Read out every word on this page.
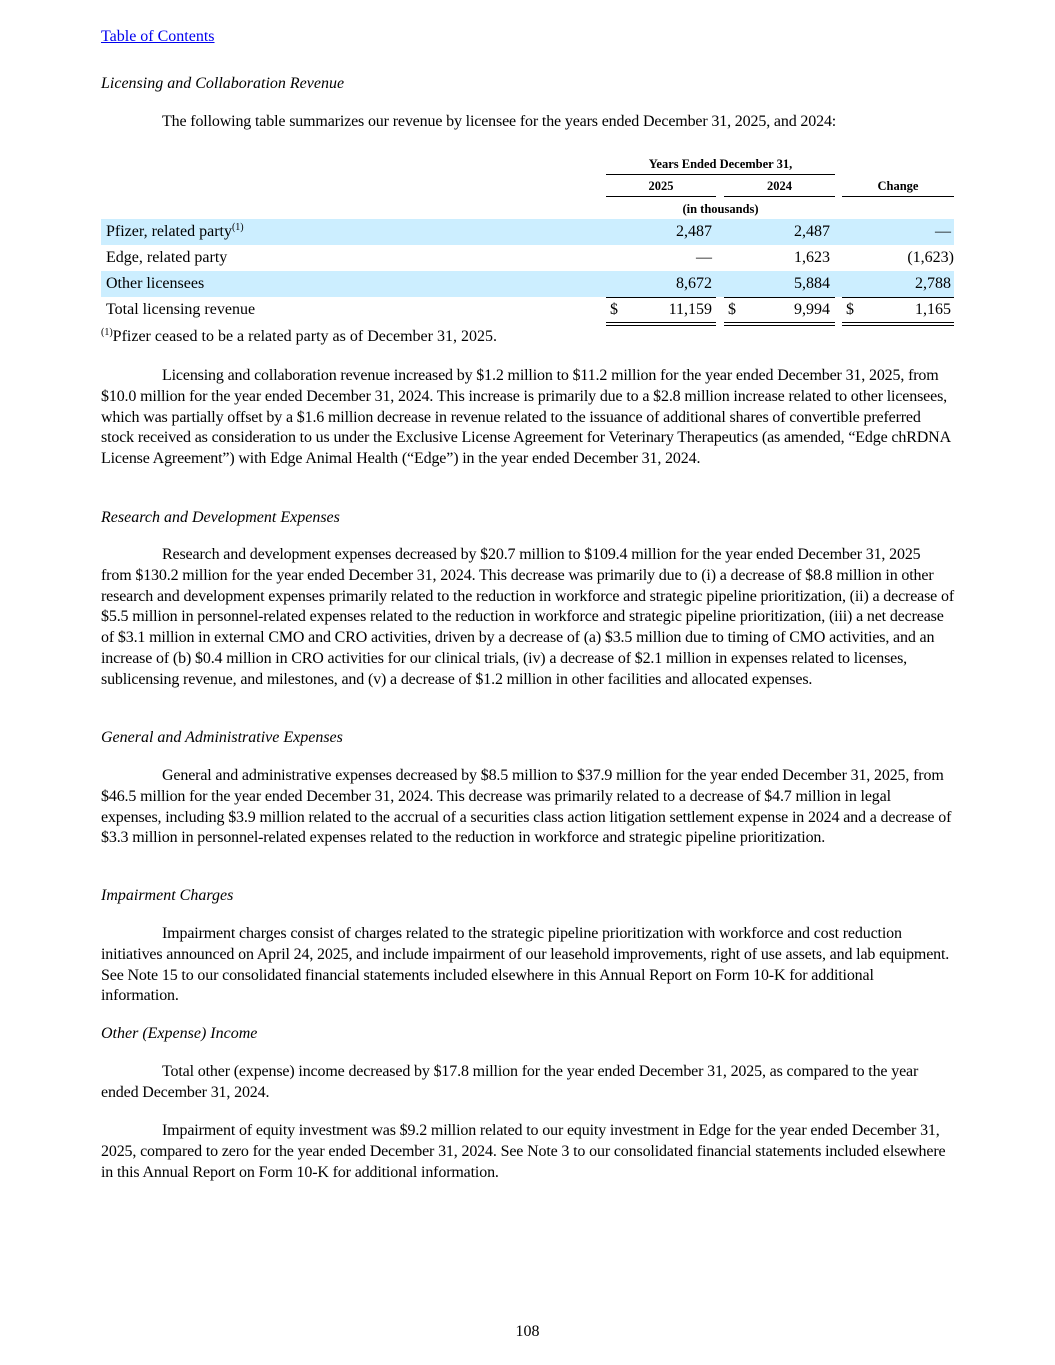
Table of Contents
Licensing and Collaboration Revenue
The following table summarizes our revenue by licensee for the years ended December 31, 2025, and 2024:
Years Ended December 31,
2025	2024	Change
(in thousands)
Pfizer, related party$^{(1)}$	2,487	2,487	—
Edge, related party	—	1,623	(1,623)
Other licensees	8,672	5,884	2,788
Total licensing revenue	$	11,159 $	9,994 $	1,165
$^{(1)}$Pfizer ceased to be a related party as of December 31, 2025.
Licensing and collaboration revenue increased by $1.2 million to $11.2 million for the year ended December 31, 2025, from $10.0 million for the year ended December 31, 2024. This increase is primarily due to a $2.8 million increase related to other licensees, which was partially offset by a $1.6 million decrease in revenue related to the issuance of additional shares of convertible preferred stock received as consideration to us under the Exclusive License Agreement for Veterinary Therapeutics (as amended, “Edge chRDNA License Agreement”) with Edge Animal Health (“Edge”) in the year ended December 31, 2024.
Research and Development Expenses
Research and development expenses decreased by $20.7 million to $109.4 million for the year ended December 31, 2025 from $130.2 million for the year ended December 31, 2024. This decrease was primarily due to (i) a decrease of $8.8 million in other research and development expenses primarily related to the reduction in workforce and strategic pipeline prioritization, (ii) a decrease of $5.5 million in personnel-related expenses related to the reduction in workforce and strategic pipeline prioritization, (iii) a net decrease of $3.1 million in external CMO and CRO activities, driven by a decrease of (a) $3.5 million due to timing of CMO activities, and an increase of (b) $0.4 million in CRO activities for our clinical trials, (iv) a decrease of $2.1 million in expenses related to licenses, sublicensing revenue, and milestones, and (v) a decrease of $1.2 million in other facilities and allocated expenses.
General and Administrative Expenses
General and administrative expenses decreased by $8.5 million to $37.9 million for the year ended December 31, 2025, from $46.5 million for the year ended December 31, 2024. This decrease was primarily related to a decrease of $4.7 million in legal expenses, including $3.9 million related to the accrual of a securities class action litigation settlement expense in 2024 and a decrease of $3.3 million in personnel-related expenses related to the reduction in workforce and strategic pipeline prioritization.
Impairment Charges
Impairment charges consist of charges related to the strategic pipeline prioritization with workforce and cost reduction initiatives announced on April 24, 2025, and include impairment of our leasehold improvements, right of use assets, and lab equipment. See Note 15 to our consolidated financial statements included elsewhere in this Annual Report on Form 10-K for additional information.
Other (Expense) Income
Total other (expense) income decreased by $17.8 million for the year ended December 31, 2025, as compared to the year ended December 31, 2024.
Impairment of equity investment was $9.2 million related to our equity investment in Edge for the year ended December 31, 2025, compared to zero for the year ended December 31, 2024. See Note 3 to our consolidated financial statements included elsewhere in this Annual Report on Form 10-K for additional information.
108
